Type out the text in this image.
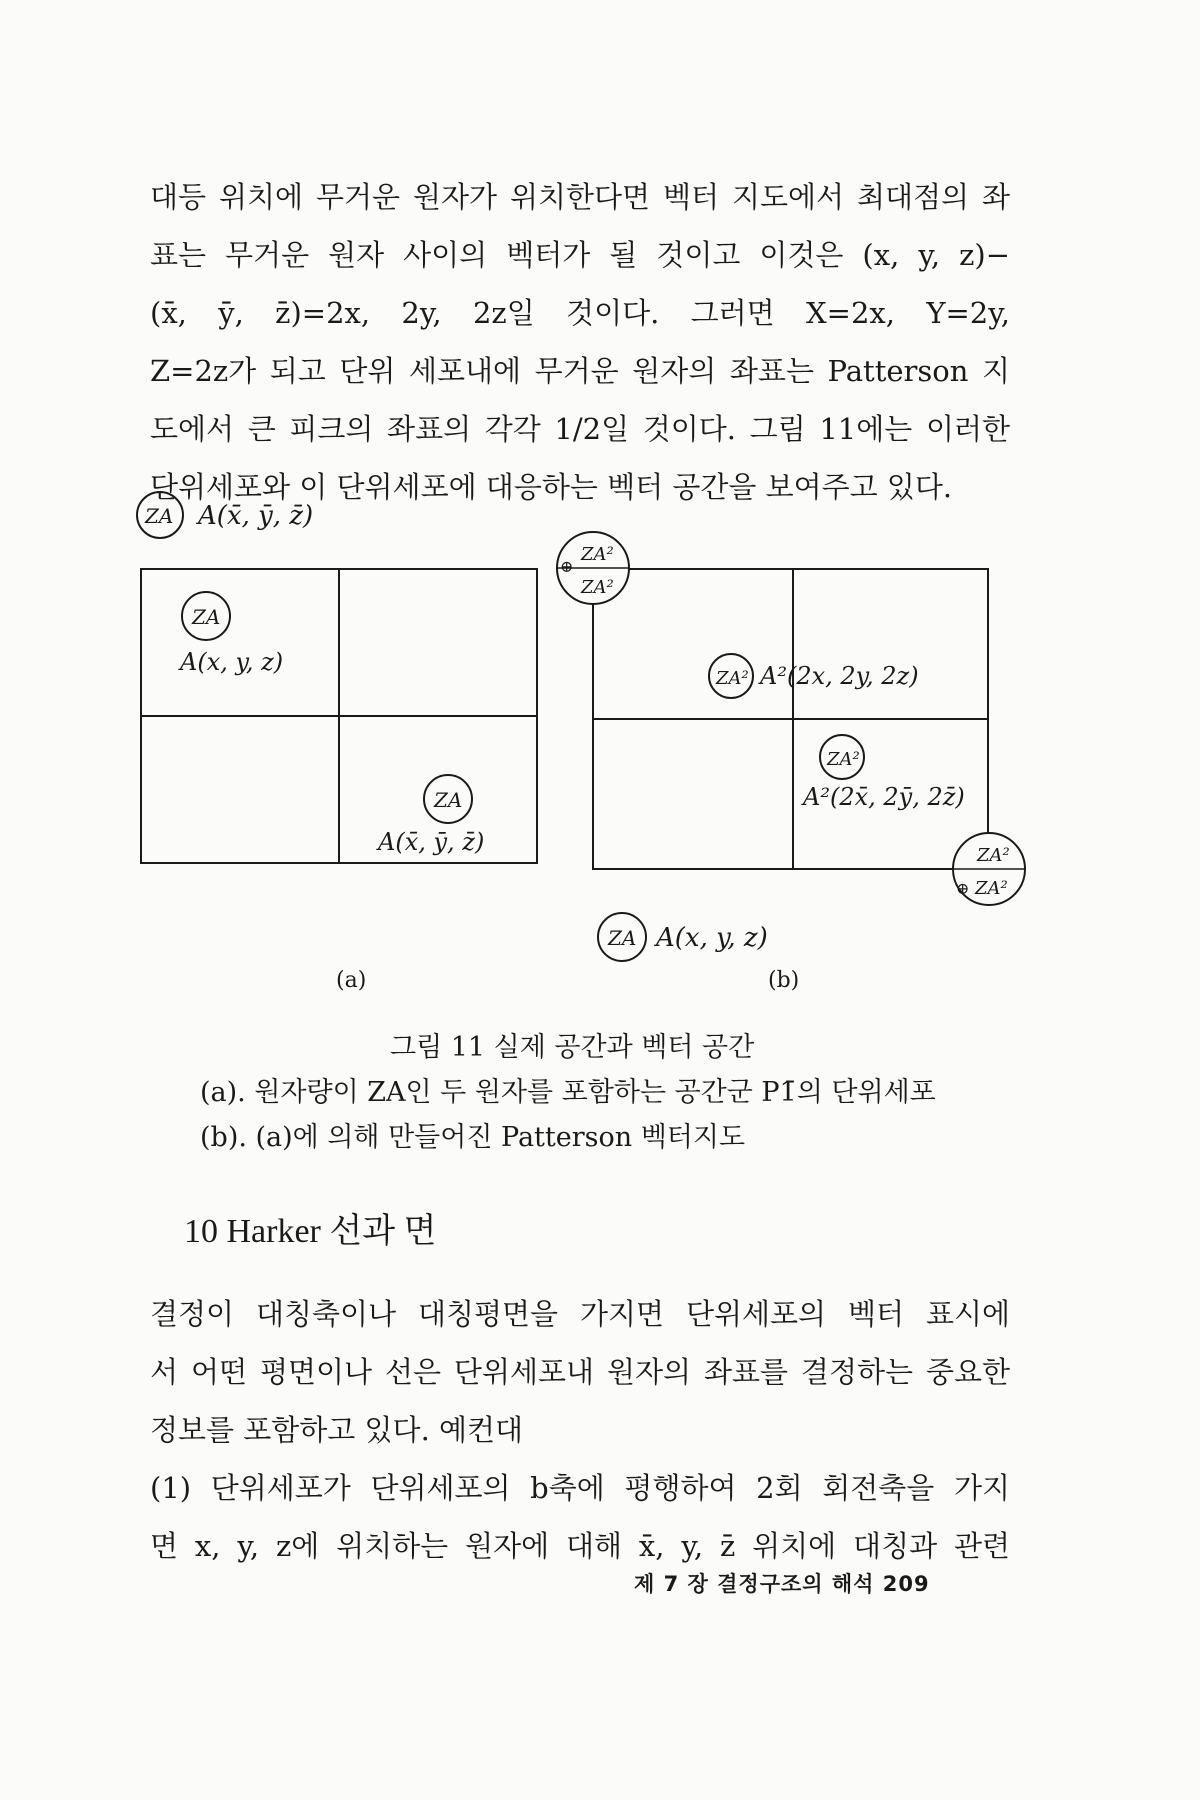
대등 위치에 무거운 원자가 위치한다면 벡터 지도에서 최대점의 좌

표는 무거운 원자 사이의 벡터가 될 것이고 이것은 (x, y, z)−

(x̄, ȳ, z̄)=2x, 2y, 2z일 것이다. 그러면 X=2x, Y=2y,

Z=2z가 되고 단위 세포내에 무거운 원자의 좌표는 Patterson 지

도에서 큰 피크의 좌표의 각각 1/2일 것이다. 그림 11에는 이러한

단위세포와 이 단위세포에 대응하는 벡터 공간을 보여주고 있다.

ZA A(x̄, ȳ, z̄)
ZA
A(x, y, z)
ZA
A(x̄, ȳ, z̄)
(a)
⊕
ZA²
ZA²
ZA²
⊕ ZA²
ZA² A²(2x, 2y, 2z)
ZA²
A²(2x̄, 2ȳ, 2z̄)
ZA A(x, y, z)
(b)
그림 11 실제 공간과 벡터 공간
(a). 원자량이 ZA인 두 원자를 포함하는 공간군 P1̄의 단위세포
(b). (a)에 의해 만들어진 Patterson 벡터지도
10 Harker 선과 면

결정이 대칭축이나 대칭평면을 가지면 단위세포의 벡터 표시에

서 어떤 평면이나 선은 단위세포내 원자의 좌표를 결정하는 중요한

정보를 포함하고 있다. 예컨대

(1) 단위세포가 단위세포의 b축에 평행하여 2회 회전축을 가지

면 x, y, z에 위치하는 원자에 대해 x̄, y, z̄ 위치에 대칭과 관련

제 7 장 결정구조의 해석 209
